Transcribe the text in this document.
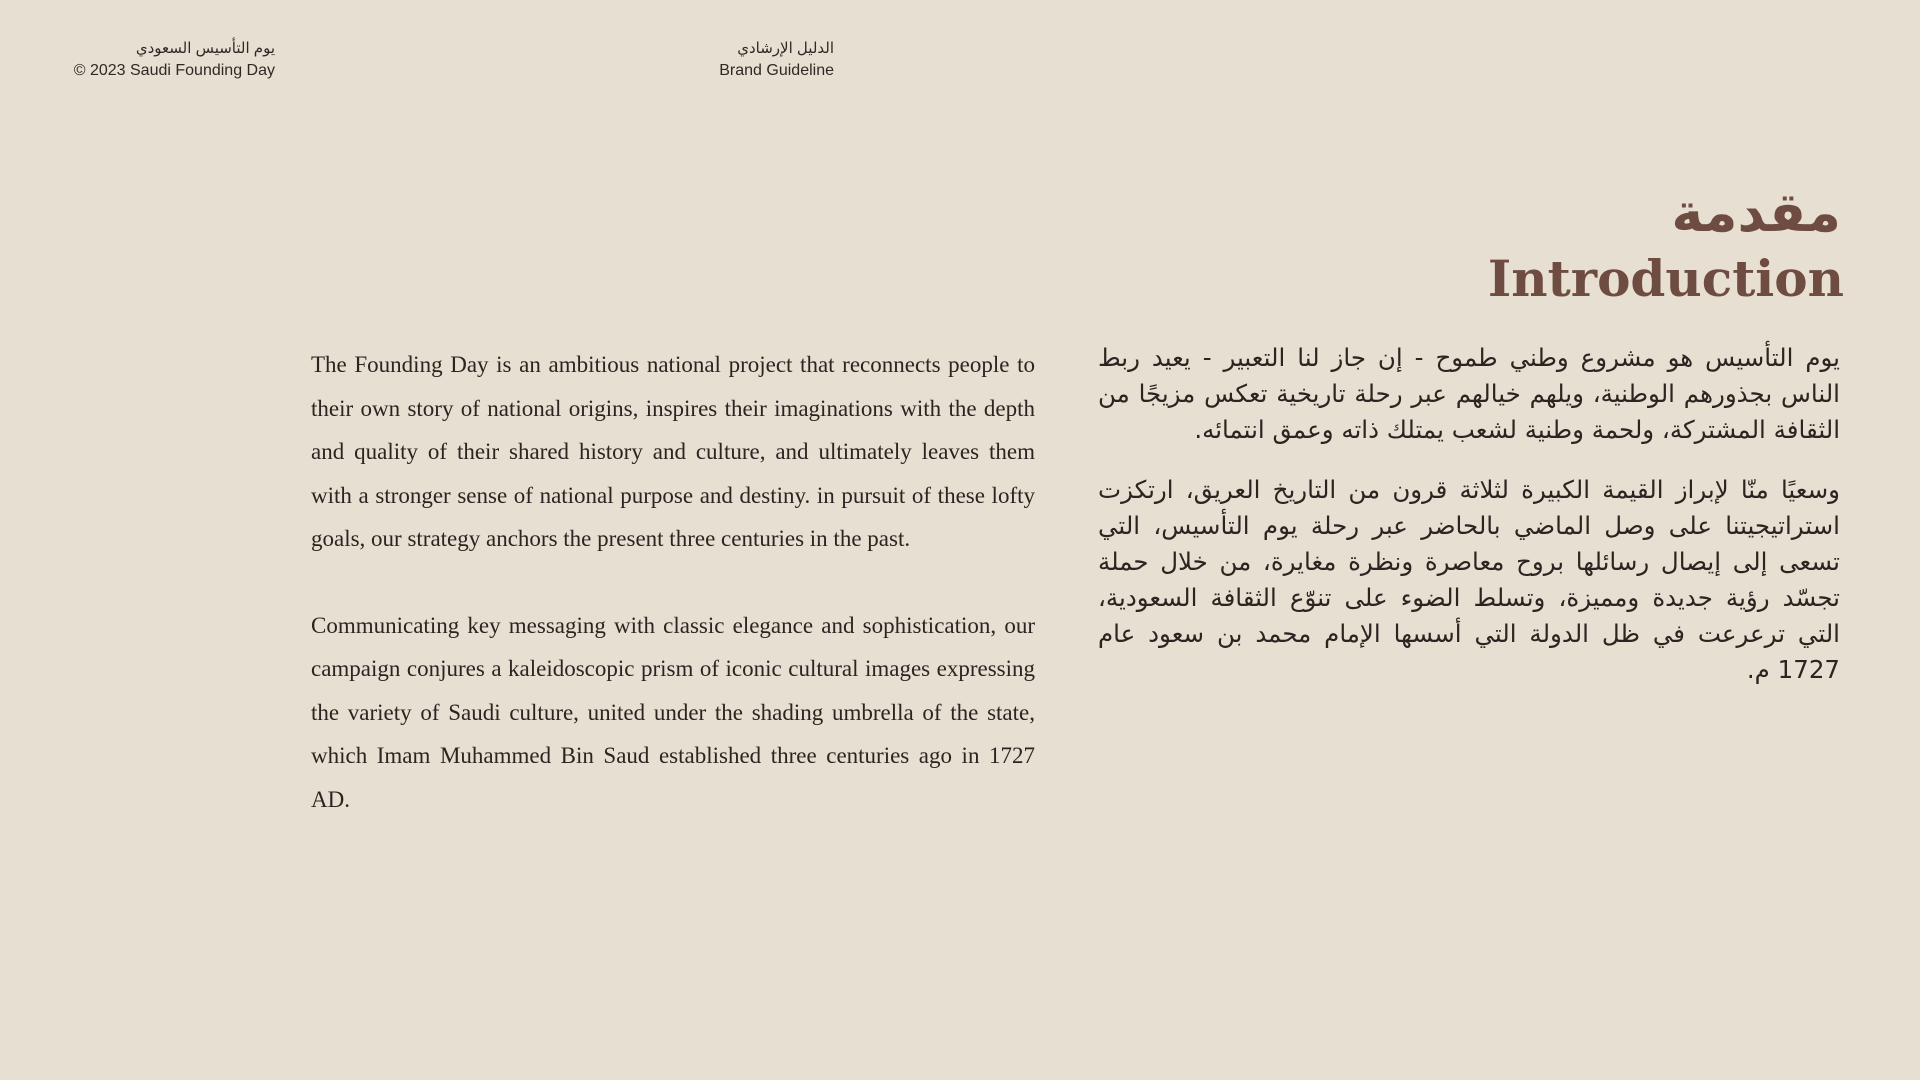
يوم التأسيس السعودي
© 2023 Saudi Founding Day
الدليل الإرشادي
Brand Guideline
مقدمة
Introduction

The Founding Day is an ambitious national project that reconnects people to their own story of national origins, inspires their imaginations with the depth and quality of their shared history and culture, and ultimately leaves them with a stronger sense of national purpose and destiny. in pursuit of these lofty goals, our strategy anchors the present three centuries in the past.

Communicating key messaging with classic elegance and sophistication, our campaign conjures a kaleidoscopic prism of iconic cultural images expressing the variety of Saudi culture, united under the shading umbrella of the state, which Imam Muhammed Bin Saud established three centuries ago in 1727 AD.

يوم التأسيس هو مشروع وطني طموح - إن جاز لنا التعبير - يعيد ربط الناس بجذورهم الوطنية، ويلهم خيالهم عبر رحلة تاريخية تعكس مزيجًا من الثقافة المشتركة، ولحمة وطنية لشعب يمتلك ذاته وعمق انتمائه.

وسعيًا منّا لإبراز القيمة الكبيرة لثلاثة قرون من التاريخ العريق، ارتكزت استراتيجيتنا على وصل الماضي بالحاضر عبر رحلة يوم التأسيس، التي تسعى إلى إيصال رسائلها بروح معاصرة ونظرة مغايرة، من خلال حملة تجسّد رؤية جديدة ومميزة، وتسلط الضوء على تنوّع الثقافة السعودية، التي ترعرعت في ظل الدولة التي أسسها الإمام محمد بن سعود عام 1727 م.
